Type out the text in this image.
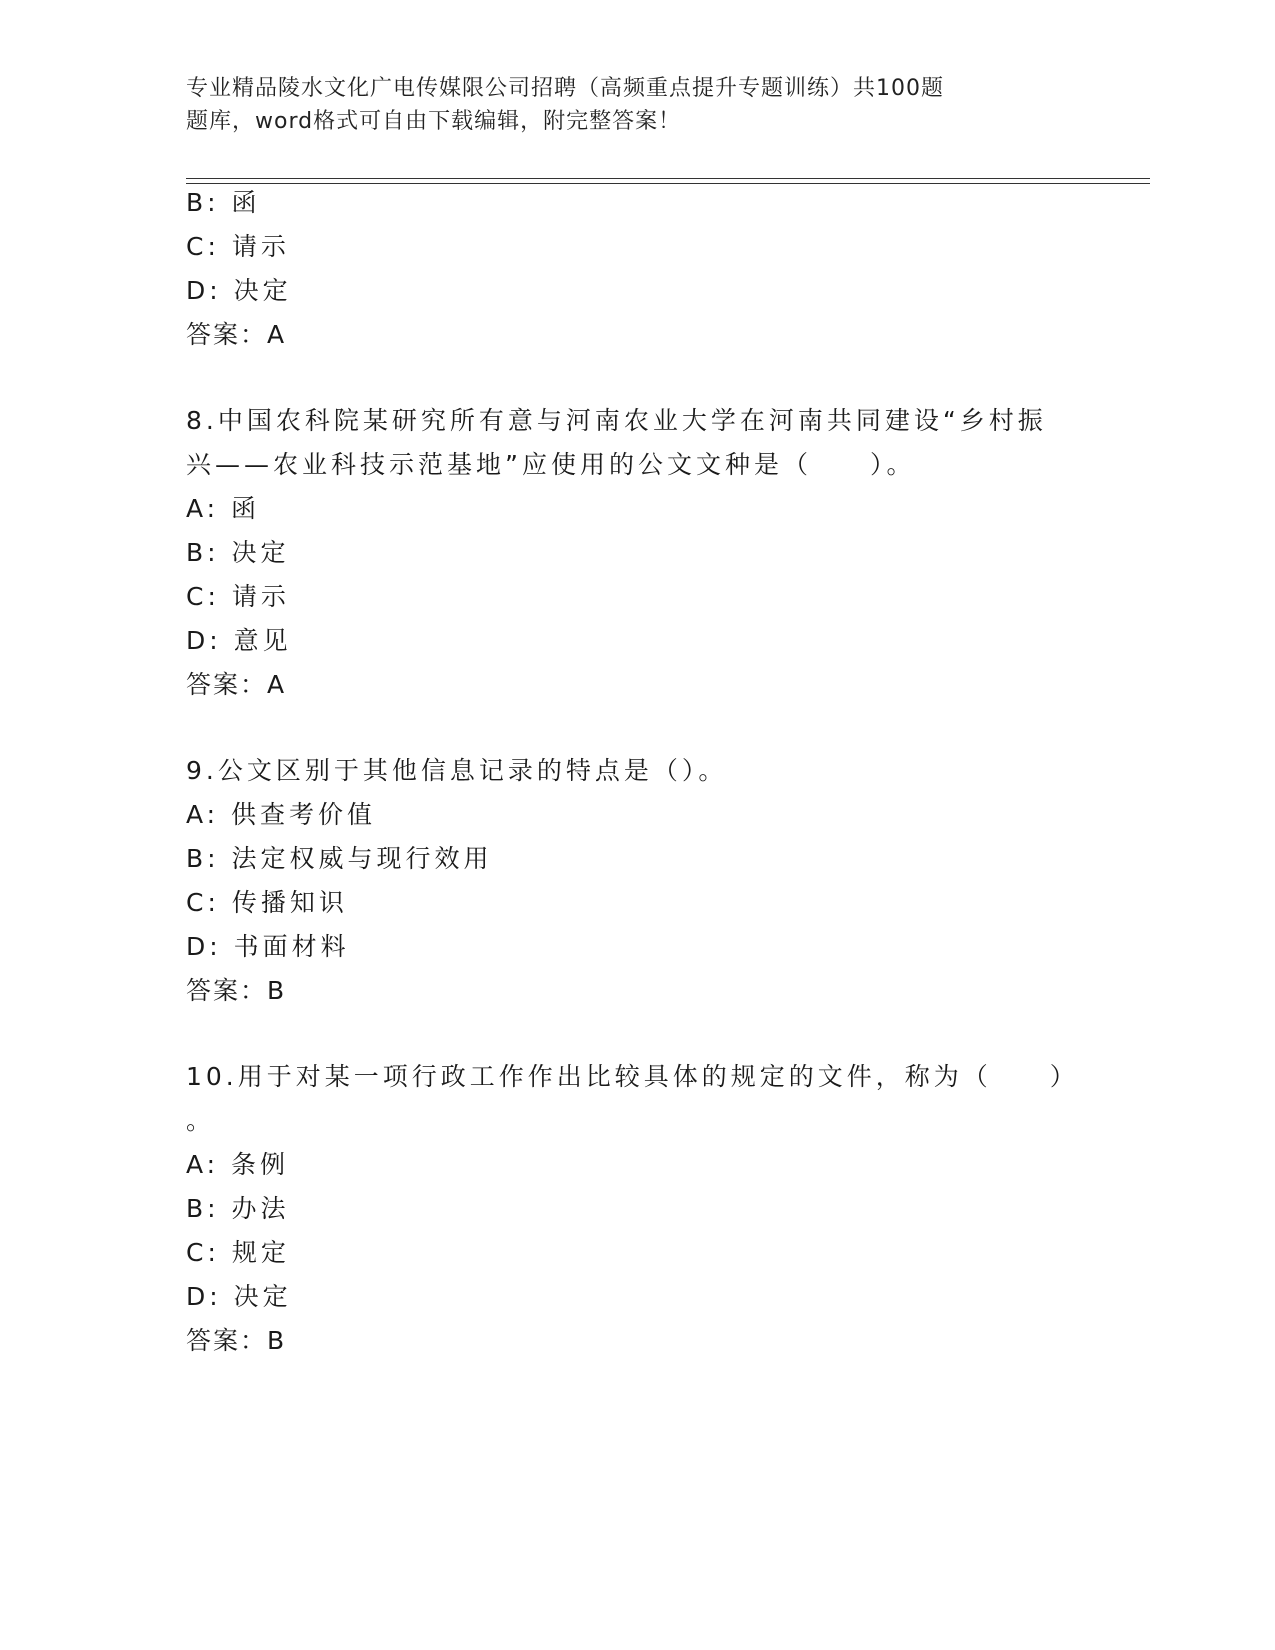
专业精品陵水文化广电传媒限公司招聘（高频重点提升专题训练）共100题
题库，word格式可自由下载编辑，附完整答案！
B: 函
C: 请示
D: 决定
答案：A
8.中国农科院某研究所有意与河南农业大学在河南共同建设“乡村振
兴——农业科技示范基地”应使用的公文文种是（　　）。
A: 函
B: 决定
C: 请示
D: 意见
答案：A
9.公文区别于其他信息记录的特点是（）。
A: 供查考价值
B: 法定权威与现行效用
C: 传播知识
D: 书面材料
答案：B
10.用于对某一项行政工作作出比较具体的规定的文件，称为（　　）
。
A: 条例
B: 办法
C: 规定
D: 决定
答案：B
